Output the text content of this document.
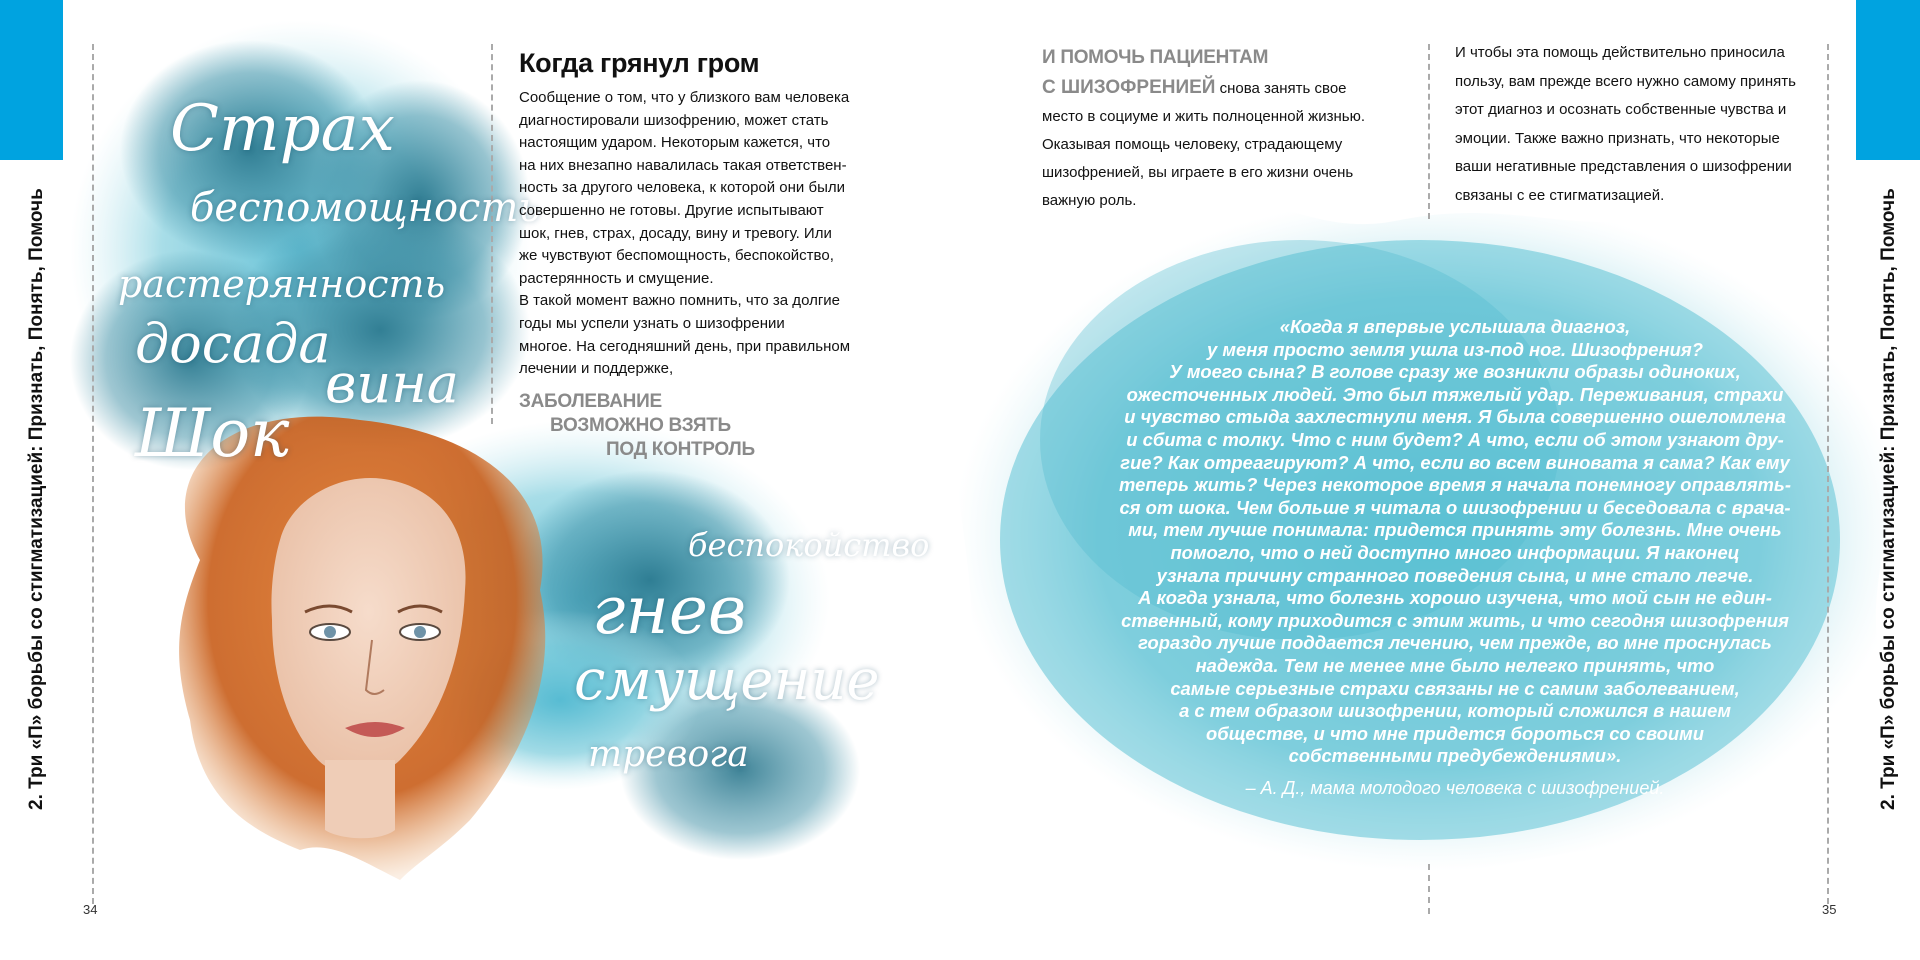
2. Три «П» борьбы со стигматизацией: Признать, Понять, Помочь	2. Три «П» борьбы со стигматизацией: Признать, Понять, Помочь
34	35
Страх
беспомощность
растерянность
досада
вина
Шок
беспокойство
гнев
смущение
тревога
Когда грянул гром

Сообщение о том, что у близкого вам человека

диагностировали шизофрению, может стать

настоящим ударом. Некоторым кажется, что

на них внезапно навалилась такая ответствен-

ность за другого человека, к которой они были

совершенно не готовы. Другие испытывают

шок, гнев, страх, досаду, вину и тревогу. Или

же чувствуют беспомощность, беспокойство,

растерянность и смущение.

В такой момент важно помнить, что за долгие

годы мы успели узнать о шизофрении

многое. На сегодняшний день, при правильном

лечении и поддержке,

ЗАБОЛЕВАНИЕ
ВОЗМОЖНО ВЗЯТЬ
ПОД КОНТРОЛЬ
И ПОМОЧЬ ПАЦИЕНТАМ

С ШИЗОФРЕНИЕЙ снова занять свое

место в социуме и жить полноценной жизнью.

Оказывая помощь человеку, страдающему

шизофренией, вы играете в его жизни очень

важную роль.

И чтобы эта помощь действительно приносила

пользу, вам прежде всего нужно самому принять

этот диагноз и осознать собственные чувства и

эмоции. Также важно признать, что некоторые

ваши негативные представления о шизофрении

связаны с ее стигматизацией.

«Когда я впервые услышала диагноз,

у меня просто земля ушла из-под ног. Шизофрения?

У моего сына? В голове сразу же возникли образы одиноких,

ожесточенных людей. Это был тяжелый удар. Переживания, страхи

и чувство стыда захлестнули меня. Я была совершенно ошеломлена

и сбита с толку. Что с ним будет? А что, если об этом узнают дру-

гие? Как отреагируют? А что, если во всем виновата я сама? Как ему

теперь жить? Через некоторое время я начала понемногу оправлять-

ся от шока. Чем больше я читала о шизофрении и беседовала с врача-

ми, тем лучше понимала: придется принять эту болезнь. Мне очень

помогло, что о ней доступно много информации. Я наконец

узнала причину странного поведения сына, и мне стало легче.

А когда узнала, что болезнь хорошо изучена, что мой сын не един-

ственный, кому приходится с этим жить, и что сегодня шизофрения

гораздо лучше поддается лечению, чем прежде, во мне проснулась

надежда. Тем не менее мне было нелегко принять, что

самые серьезные страхи связаны не с самим заболеванием,

а с тем образом шизофрении, который сложился в нашем

обществе, и что мне придется бороться со своими

собственными предубеждениями».

– А. Д., мама молодого человека с шизофренией.
